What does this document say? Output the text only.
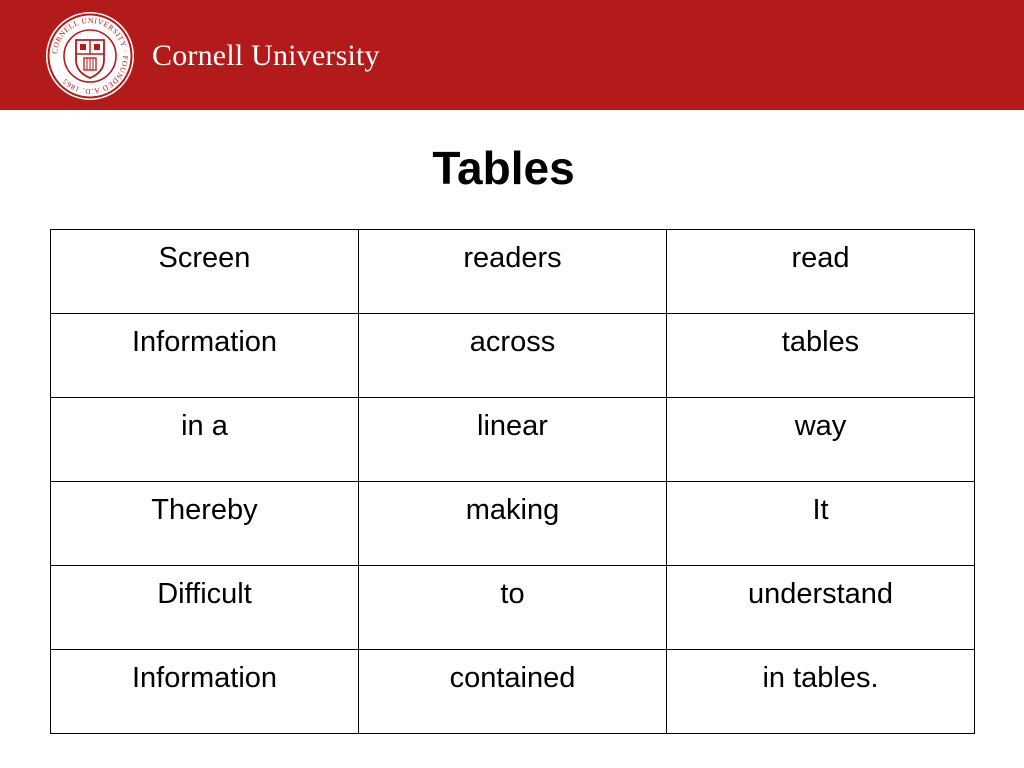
CORNELL UNIVERSITY · FOUNDED A.D. 1865
Cornell University
Tables
Screen	readers	read
Information	across	tables
in a	linear	way
Thereby	making	It
Difficult	to	understand
Information	contained	in tables.
